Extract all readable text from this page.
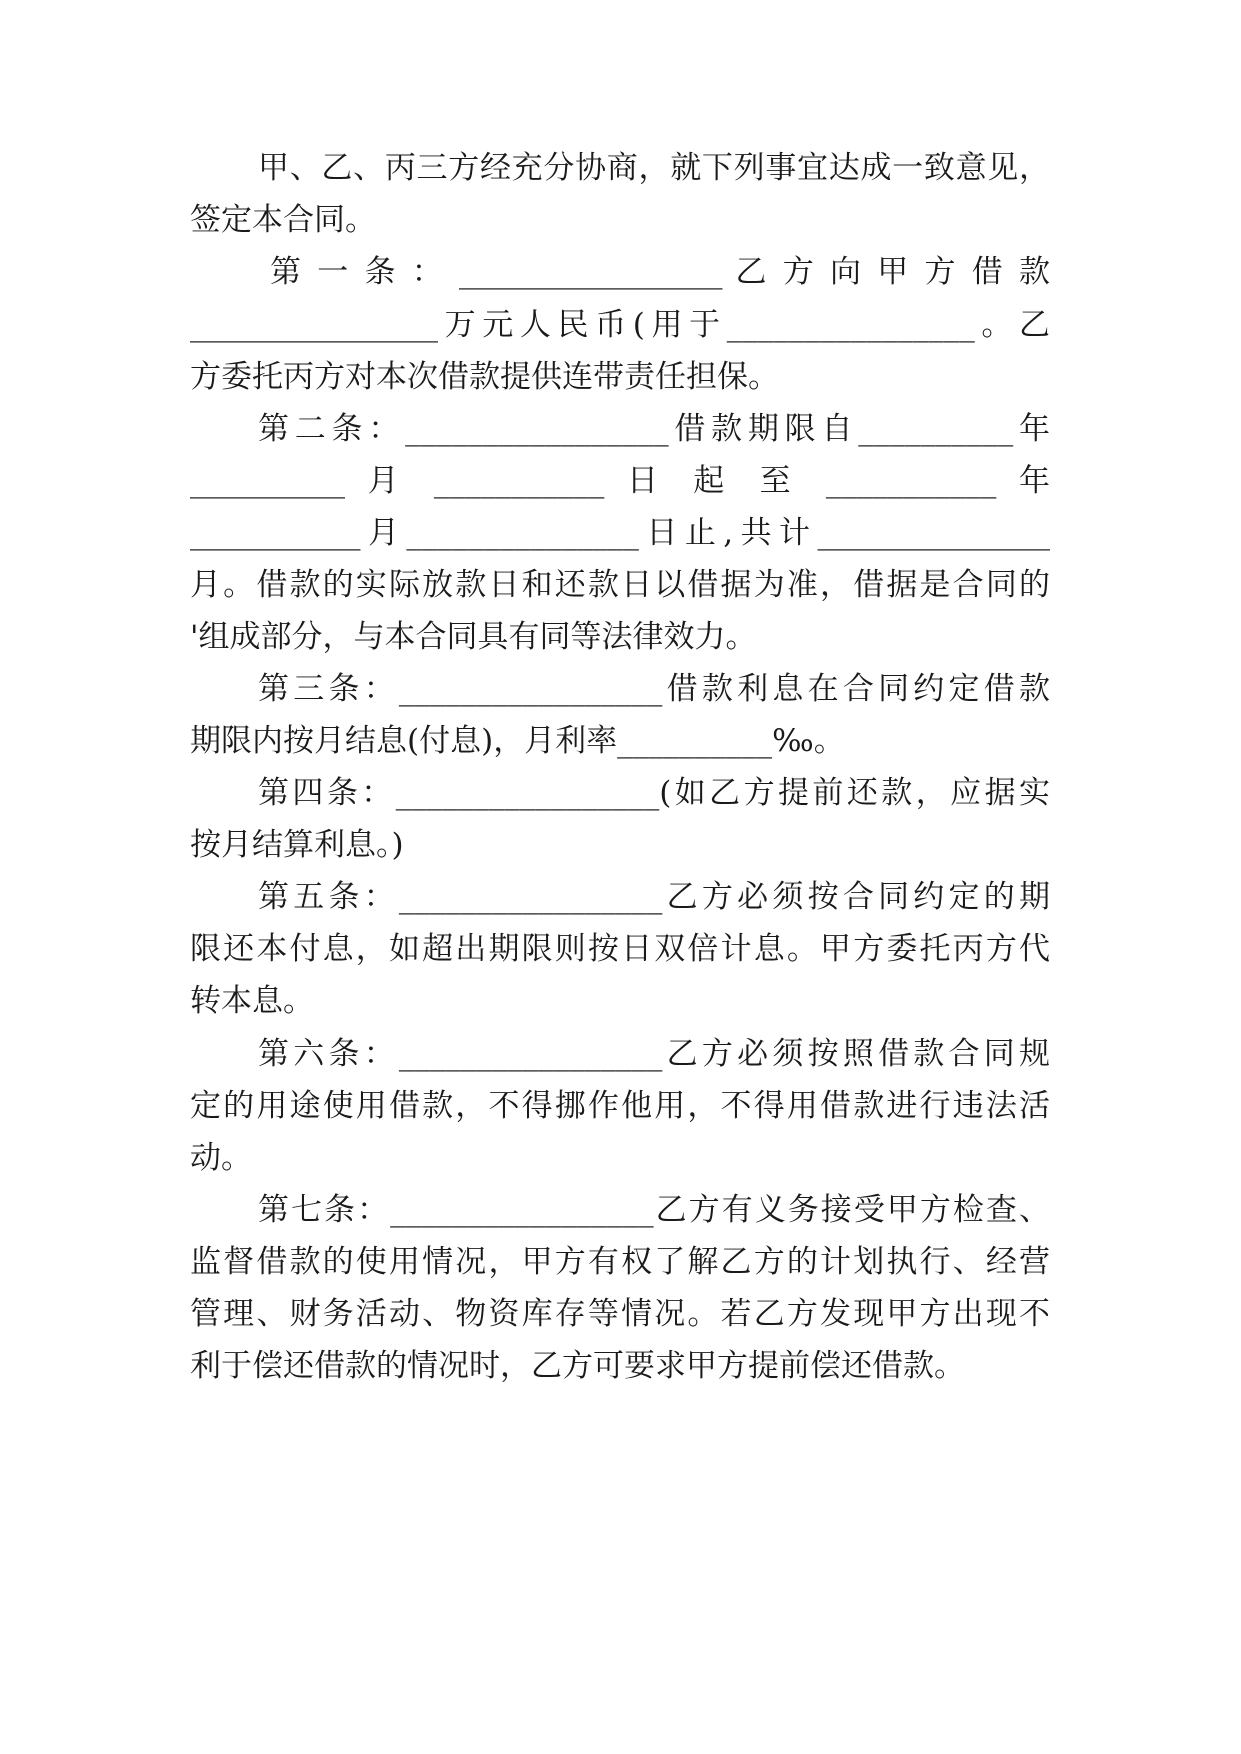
甲、乙、丙三方经充分协商，就下列事宜达成一致意见，
签定本合同。
第 一 条 ： _________________ 乙 方 向 甲 方 借 款
________________万元人民币(用于________________。乙
方委托丙方对本次借款提供连带责任担保。
第二条：_________________借款期限自__________年
__________ 月 ___________ 日 起 至 ___________ 年
___________月_______________日止,共计_______________
月。借款的实际放款日和还款日以借据为准，借据是合同的
'组成部分，与本合同具有同等法律效力。
第三条：_________________借款利息在合同约定借款
期限内按月结息(付息)，月利率__________‰。
第四条：_________________(如乙方提前还款，应据实
按月结算利息。)
第五条：_________________乙方必须按合同约定的期
限还本付息，如超出期限则按日双倍计息。甲方委托丙方代
转本息。
第六条：_________________乙方必须按照借款合同规
定的用途使用借款，不得挪作他用，不得用借款进行违法活
动。
第七条：_________________乙方有义务接受甲方检查、
监督借款的使用情况，甲方有权了解乙方的计划执行、经营
管理、财务活动、物资库存等情况。若乙方发现甲方出现不
利于偿还借款的情况时，乙方可要求甲方提前偿还借款。
